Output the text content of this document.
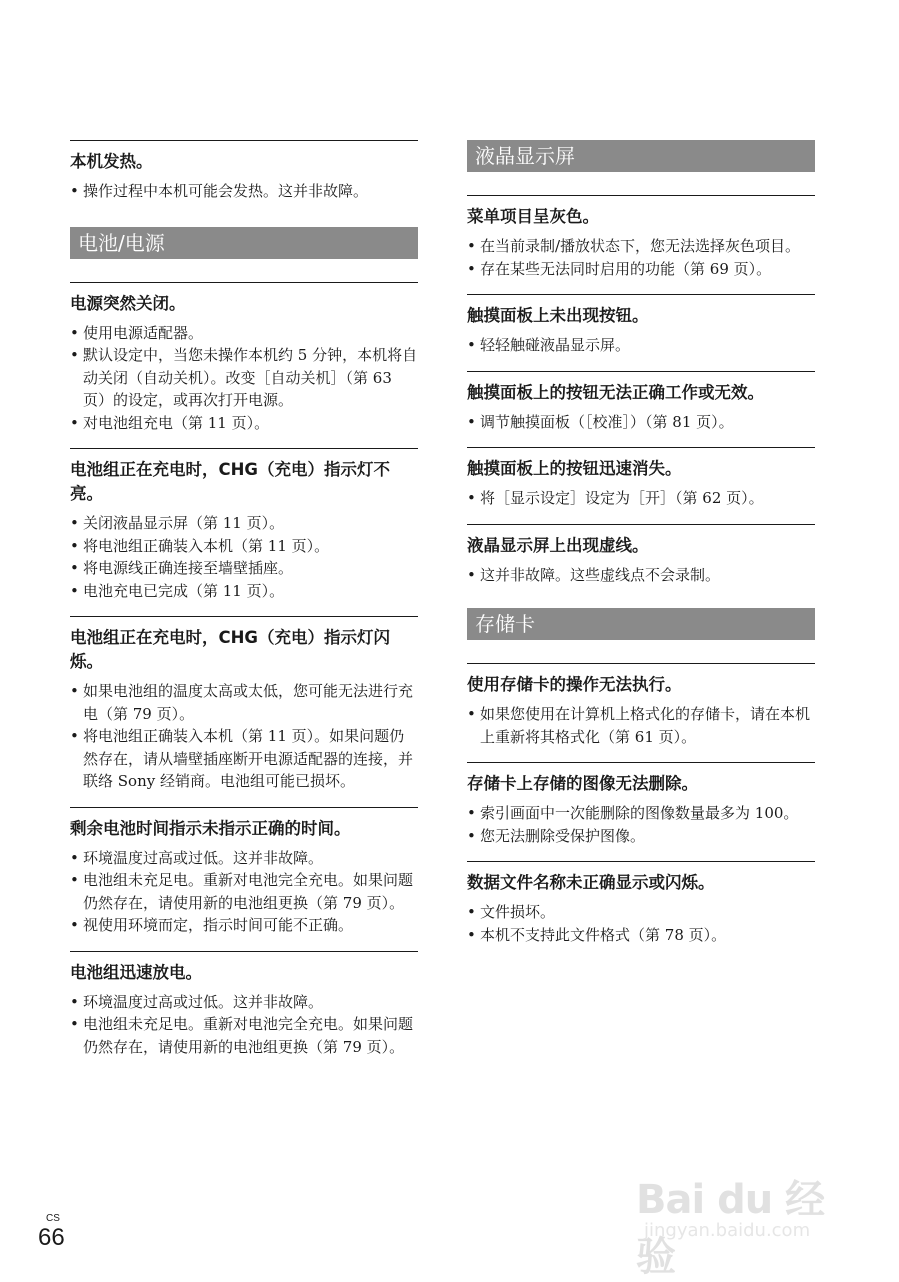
本机发热。
• 操作过程中本机可能会发热。这并非故障。
电池/电源
电源突然关闭。
• 使用电源适配器。
• 默认设定中，当您未操作本机约 5 分钟，本机将自动关闭（自动关机）。改变［自动关机］（第 63 页）的设定，或再次打开电源。
• 对电池组充电（第 11 页）。
电池组正在充电时，CHG（充电）指示灯不亮。
• 关闭液晶显示屏（第 11 页）。
• 将电池组正确装入本机（第 11 页）。
• 将电源线正确连接至墙壁插座。
• 电池充电已完成（第 11 页）。
电池组正在充电时，CHG（充电）指示灯闪烁。
• 如果电池组的温度太高或太低，您可能无法进行充电（第 79 页）。
• 将电池组正确装入本机（第 11 页）。如果问题仍然存在，请从墙壁插座断开电源适配器的连接，并联络 Sony 经销商。电池组可能已损坏。
剩余电池时间指示未指示正确的时间。
• 环境温度过高或过低。这并非故障。
• 电池组未充足电。重新对电池完全充电。如果问题仍然存在，请使用新的电池组更换（第 79 页）。
• 视使用环境而定，指示时间可能不正确。
电池组迅速放电。
• 环境温度过高或过低。这并非故障。
• 电池组未充足电。重新对电池完全充电。如果问题仍然存在，请使用新的电池组更换（第 79 页）。
液晶显示屏
菜单项目呈灰色。
• 在当前录制/播放状态下，您无法选择灰色项目。
• 存在某些无法同时启用的功能（第 69 页）。
触摸面板上未出现按钮。
• 轻轻触碰液晶显示屏。
触摸面板上的按钮无法正确工作或无效。
• 调节触摸面板（［校准］）（第 81 页）。
触摸面板上的按钮迅速消失。
• 将［显示设定］设定为［开］（第 62 页）。
液晶显示屏上出现虚线。
• 这并非故障。这些虚线点不会录制。
存储卡
使用存储卡的操作无法执行。
• 如果您使用在计算机上格式化的存储卡，请在本机上重新将其格式化（第 61 页）。
存储卡上存储的图像无法删除。
• 索引画面中一次能删除的图像数量最多为 100。
• 您无法删除受保护图像。
数据文件名称未正确显示或闪烁。
• 文件损坏。
• 本机不支持此文件格式（第 78 页）。
CS
66
Bai du 经验
jingyan.baidu.com
